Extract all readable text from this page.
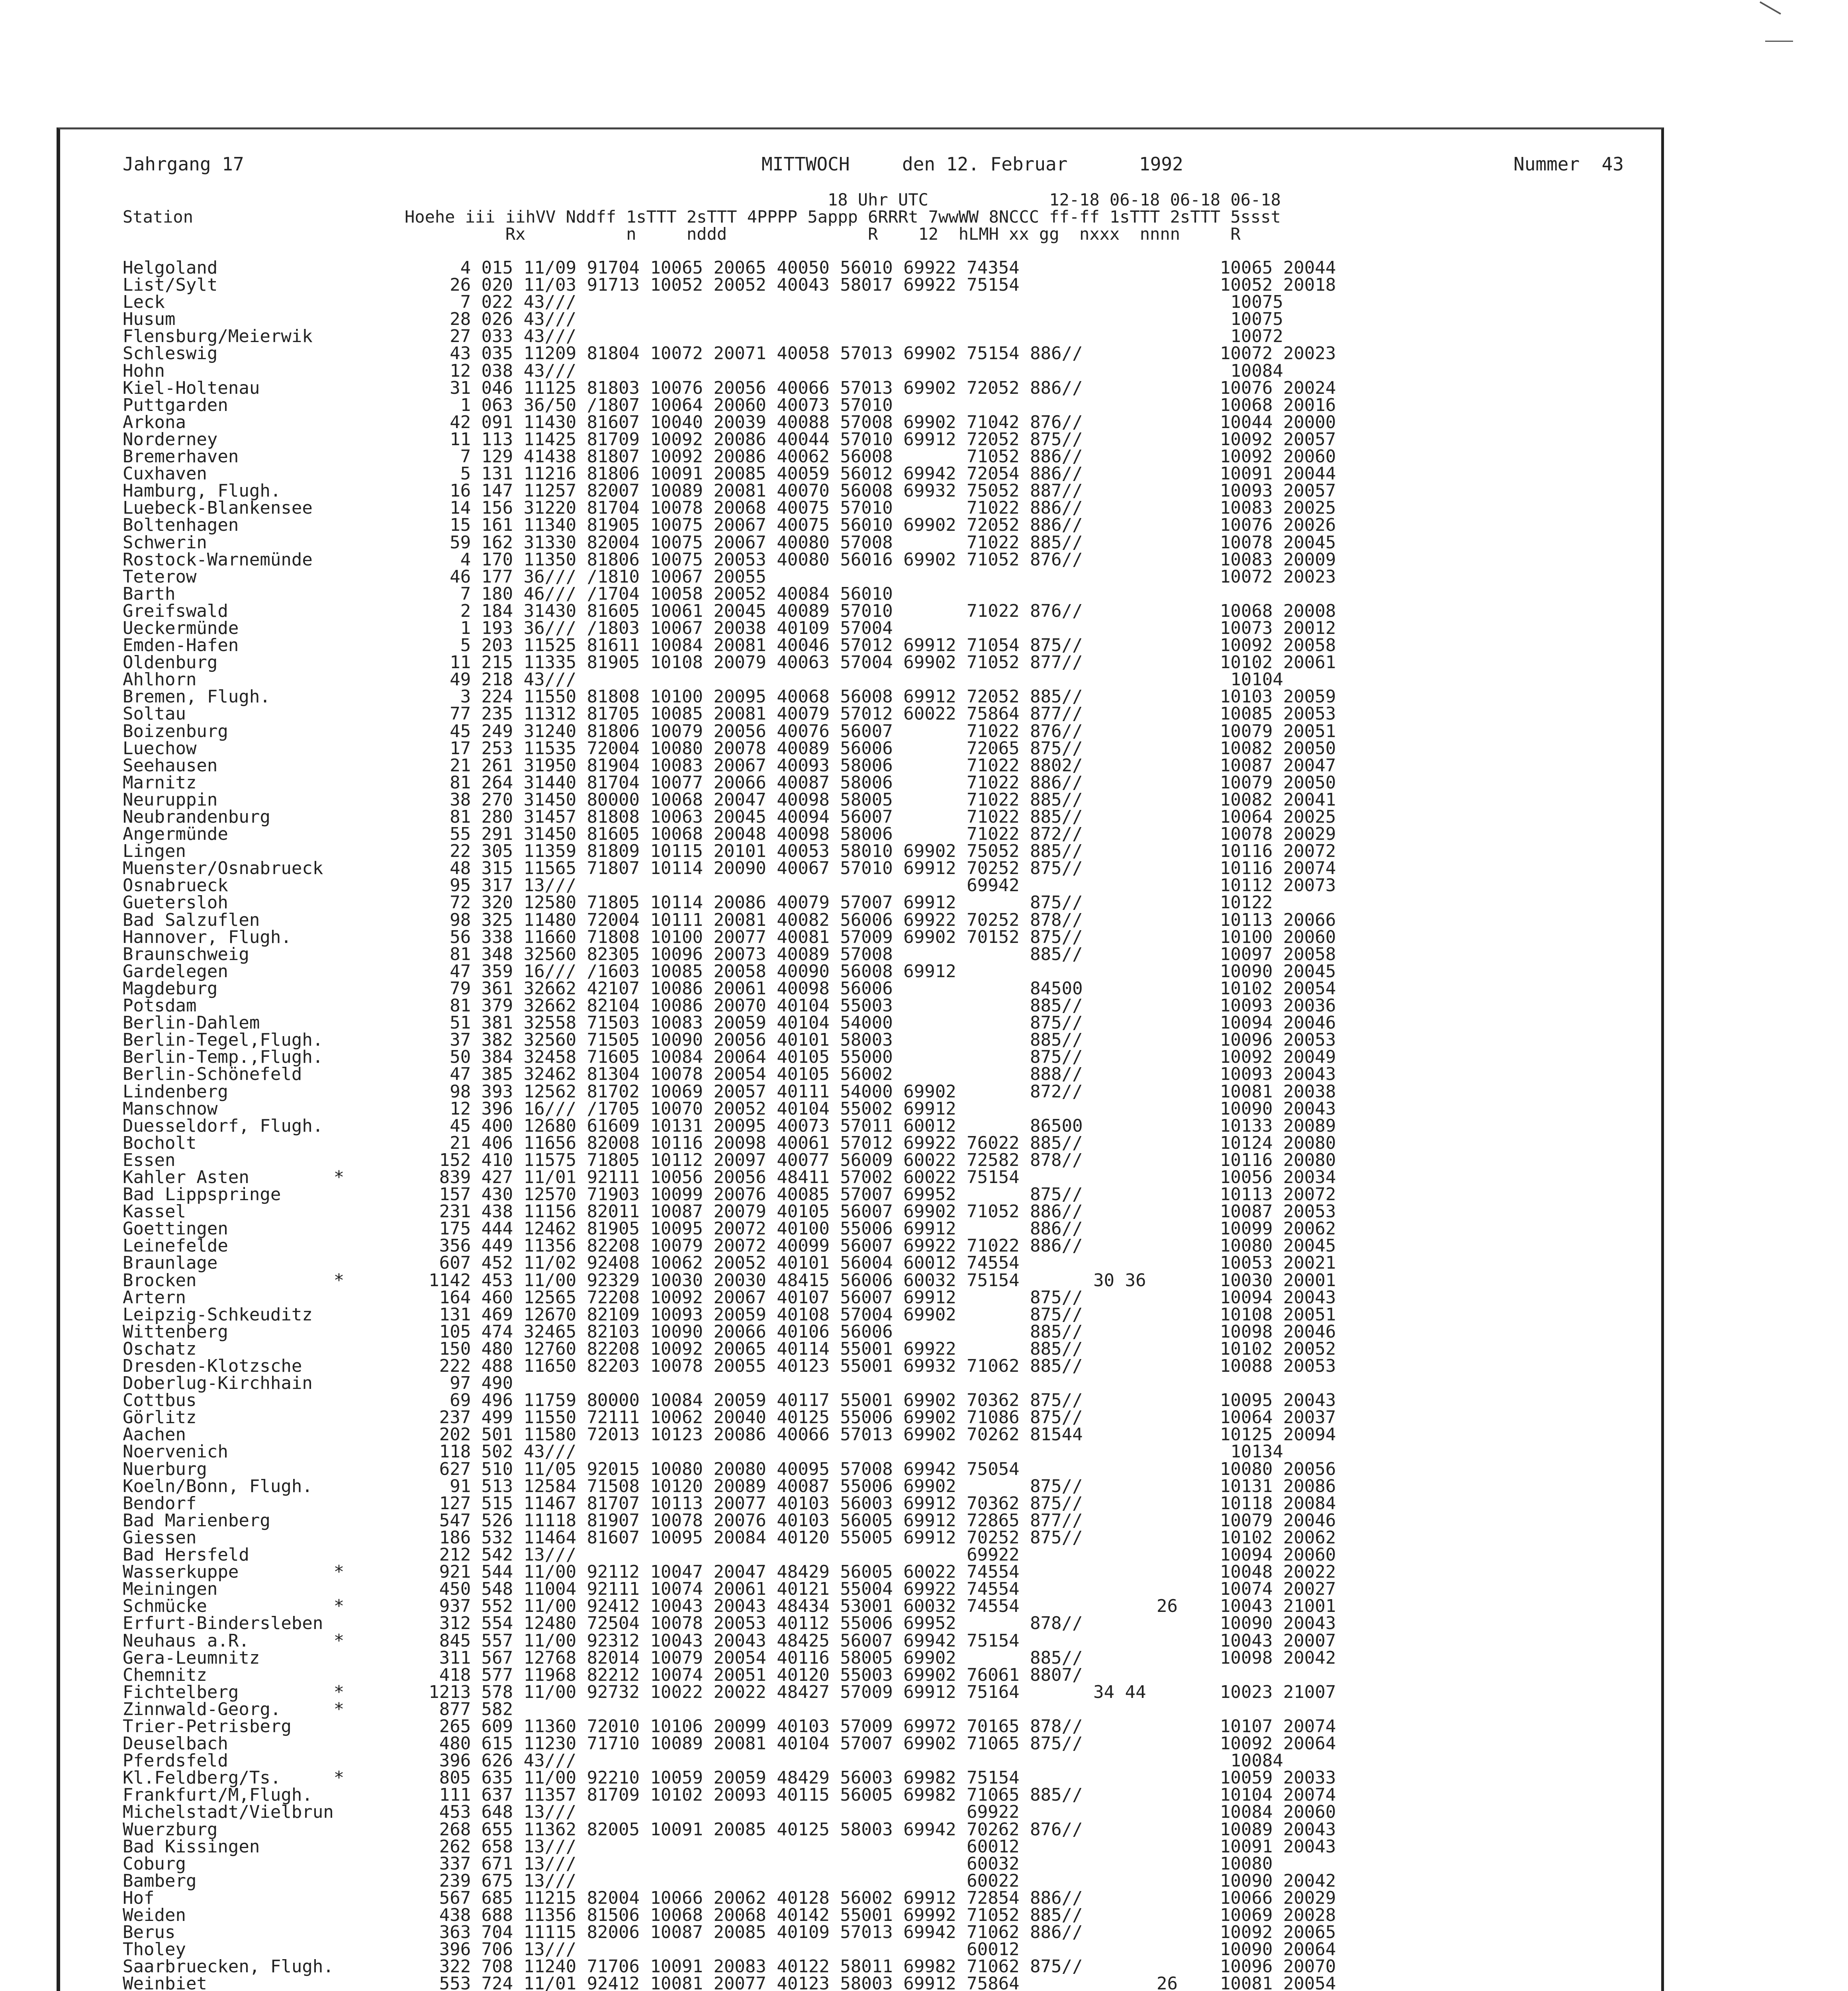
Jahrgang 17	MITTWOCH	den 12. Februar	1992	Nummer  43
18 Uhr UTC            12-18 06-18 06-18 06-18
Station                     Hoehe iii iihVV Nddff 1sTTT 2sTTT 4PPPP 5appp 6RRRt 7wwWW 8NCCC ff-ff 1sTTT 2sTTT 5ssst
Rx          n     nddd              R    12  hLMH xx gg  nxxx  nnnn     R
Helgoland                       4 015 11/09 91704 10065 20065 40050 56010 69922 74354                   10065 20044
List/Sylt                      26 020 11/03 91713 10052 20052 40043 58017 69922 75154                   10052 20018
Leck                            7 022 43///                                                              10075
Husum                          28 026 43///                                                              10075
Flensburg/Meierwik             27 033 43///                                                              10072
Schleswig                      43 035 11209 81804 10072 20071 40058 57013 69902 75154 886//             10072 20023
Hohn                           12 038 43///                                                              10084
Kiel-Holtenau                  31 046 11125 81803 10076 20056 40066 57013 69902 72052 886//             10076 20024
Puttgarden                      1 063 36/50 /1807 10064 20060 40073 57010                               10068 20016
Arkona                         42 091 11430 81607 10040 20039 40088 57008 69902 71042 876//             10044 20000
Norderney                      11 113 11425 81709 10092 20086 40044 57010 69912 72052 875//             10092 20057
Bremerhaven                     7 129 41438 81807 10092 20086 40062 56008       71052 886//             10092 20060
Cuxhaven                        5 131 11216 81806 10091 20085 40059 56012 69942 72054 886//             10091 20044
Hamburg, Flugh.                16 147 11257 82007 10089 20081 40070 56008 69932 75052 887//             10093 20057
Luebeck-Blankensee             14 156 31220 81704 10078 20068 40075 57010       71022 886//             10083 20025
Boltenhagen                    15 161 11340 81905 10075 20067 40075 56010 69902 72052 886//             10076 20026
Schwerin                       59 162 31330 82004 10075 20067 40080 57008       71022 885//             10078 20045
Rostock-Warnemünde              4 170 11350 81806 10075 20053 40080 56016 69902 71052 876//             10083 20009
Teterow                        46 177 36/// /1810 10067 20055                                           10072 20023
Barth                           7 180 46/// /1704 10058 20052 40084 56010
Greifswald                      2 184 31430 81605 10061 20045 40089 57010       71022 876//             10068 20008
Ueckermünde                     1 193 36/// /1803 10067 20038 40109 57004                               10073 20012
Emden-Hafen                     5 203 11525 81611 10084 20081 40046 57012 69912 71054 875//             10092 20058
Oldenburg                      11 215 11335 81905 10108 20079 40063 57004 69902 71052 877//             10102 20061
Ahlhorn                        49 218 43///                                                              10104
Bremen, Flugh.                  3 224 11550 81808 10100 20095 40068 56008 69912 72052 885//             10103 20059
Soltau                         77 235 11312 81705 10085 20081 40079 57012 60022 75864 877//             10085 20053
Boizenburg                     45 249 31240 81806 10079 20056 40076 56007       71022 876//             10079 20051
Luechow                        17 253 11535 72004 10080 20078 40089 56006       72065 875//             10082 20050
Seehausen                      21 261 31950 81904 10083 20067 40093 58006       71022 8802/             10087 20047
Marnitz                        81 264 31440 81704 10077 20066 40087 58006       71022 886//             10079 20050
Neuruppin                      38 270 31450 80000 10068 20047 40098 58005       71022 885//             10082 20041
Neubrandenburg                 81 280 31457 81808 10063 20045 40094 56007       71022 885//             10064 20025
Angermünde                     55 291 31450 81605 10068 20048 40098 58006       71022 872//             10078 20029
Lingen                         22 305 11359 81809 10115 20101 40053 58010 69902 75052 885//             10116 20072
Muenster/Osnabrueck            48 315 11565 71807 10114 20090 40067 57010 69912 70252 875//             10116 20074
Osnabrueck                     95 317 13///                                     69942                   10112 20073
Guetersloh                     72 320 12580 71805 10114 20086 40079 57007 69912       875//             10122
Bad Salzuflen                  98 325 11480 72004 10111 20081 40082 56006 69922 70252 878//             10113 20066
Hannover, Flugh.               56 338 11660 71808 10100 20077 40081 57009 69902 70152 875//             10100 20060
Braunschweig                   81 348 32560 82305 10096 20073 40089 57008             885//             10097 20058
Gardelegen                     47 359 16/// /1603 10085 20058 40090 56008 69912                         10090 20045
Magdeburg                      79 361 32662 42107 10086 20061 40098 56006             84500             10102 20054
Potsdam                        81 379 32662 82104 10086 20070 40104 55003             885//             10093 20036
Berlin-Dahlem                  51 381 32558 71503 10083 20059 40104 54000             875//             10094 20046
Berlin-Tegel,Flugh.            37 382 32560 71505 10090 20056 40101 58003             885//             10096 20053
Berlin-Temp.,Flugh.            50 384 32458 71605 10084 20064 40105 55000             875//             10092 20049
Berlin-Schönefeld              47 385 32462 81304 10078 20054 40105 56002             888//             10093 20043
Lindenberg                     98 393 12562 81702 10069 20057 40111 54000 69902       872//             10081 20038
Manschnow                      12 396 16/// /1705 10070 20052 40104 55002 69912                         10090 20043
Duesseldorf, Flugh.            45 400 12680 61609 10131 20095 40073 57011 60012       86500             10133 20089
Bocholt                        21 406 11656 82008 10116 20098 40061 57012 69922 76022 885//             10124 20080
Essen                         152 410 11575 71805 10112 20097 40077 56009 60022 72582 878//             10116 20080
Kahler Asten        *         839 427 11/01 92111 10056 20056 48411 57002 60022 75154                   10056 20034
Bad Lippspringe               157 430 12570 71903 10099 20076 40085 57007 69952       875//             10113 20072
Kassel                        231 438 11156 82011 10087 20079 40105 56007 69902 71052 886//             10087 20053
Goettingen                    175 444 12462 81905 10095 20072 40100 55006 69912       886//             10099 20062
Leinefelde                    356 449 11356 82208 10079 20072 40099 56007 69922 71022 886//             10080 20045
Braunlage                     607 452 11/02 92408 10062 20052 40101 56004 60012 74554                   10053 20021
Brocken             *        1142 453 11/00 92329 10030 20030 48415 56006 60032 75154       30 36       10030 20001
Artern                        164 460 12565 72208 10092 20067 40107 56007 69912       875//             10094 20043
Leipzig-Schkeuditz            131 469 12670 82109 10093 20059 40108 57004 69902       875//             10108 20051
Wittenberg                    105 474 32465 82103 10090 20066 40106 56006             885//             10098 20046
Oschatz                       150 480 12760 82208 10092 20065 40114 55001 69922       885//             10102 20052
Dresden-Klotzsche             222 488 11650 82203 10078 20055 40123 55001 69932 71062 885//             10088 20053
Doberlug-Kirchhain             97 490
Cottbus                        69 496 11759 80000 10084 20059 40117 55001 69902 70362 875//             10095 20043
Görlitz                       237 499 11550 72111 10062 20040 40125 55006 69902 71086 875//             10064 20037
Aachen                        202 501 11580 72013 10123 20086 40066 57013 69902 70262 81544             10125 20094
Noervenich                    118 502 43///                                                              10134
Nuerburg                      627 510 11/05 92015 10080 20080 40095 57008 69942 75054                   10080 20056
Koeln/Bonn, Flugh.             91 513 12584 71508 10120 20089 40087 55006 69902       875//             10131 20086
Bendorf                       127 515 11467 81707 10113 20077 40103 56003 69912 70362 875//             10118 20084
Bad Marienberg                547 526 11118 81907 10078 20076 40103 56005 69912 72865 877//             10079 20046
Giessen                       186 532 11464 81607 10095 20084 40120 55005 69912 70252 875//             10102 20062
Bad Hersfeld                  212 542 13///                                     69922                   10094 20060
Wasserkuppe         *         921 544 11/00 92112 10047 20047 48429 56005 60022 74554                   10048 20022
Meiningen                     450 548 11004 92111 10074 20061 40121 55004 69922 74554                   10074 20027
Schmücke            *         937 552 11/00 92412 10043 20043 48434 53001 60032 74554             26    10043 21001
Erfurt-Bindersleben           312 554 12480 72504 10078 20053 40112 55006 69952       878//             10090 20043
Neuhaus a.R.        *         845 557 11/00 92312 10043 20043 48425 56007 69942 75154                   10043 20007
Gera-Leumnitz                 311 567 12768 82014 10079 20054 40116 58005 69902       885//             10098 20042
Chemnitz                      418 577 11968 82212 10074 20051 40120 55003 69902 76061 8807/
Fichtelberg         *        1213 578 11/00 92732 10022 20022 48427 57009 69912 75164       34 44       10023 21007
Zinnwald-Georg.     *         877 582
Trier-Petrisberg              265 609 11360 72010 10106 20099 40103 57009 69972 70165 878//             10107 20074
Deuselbach                    480 615 11230 71710 10089 20081 40104 57007 69902 71065 875//             10092 20064
Pferdsfeld                    396 626 43///                                                              10084
Kl.Feldberg/Ts.     *         805 635 11/00 92210 10059 20059 48429 56003 69982 75154                   10059 20033
Frankfurt/M,Flugh.            111 637 11357 81709 10102 20093 40115 56005 69982 71065 885//             10104 20074
Michelstadt/Vielbrun          453 648 13///                                     69922                   10084 20060
Wuerzburg                     268 655 11362 82005 10091 20085 40125 58003 69942 70262 876//             10089 20043
Bad Kissingen                 262 658 13///                                     60012                   10091 20043
Coburg                        337 671 13///                                     60032                   10080
Bamberg                       239 675 13///                                     60022                   10090 20042
Hof                           567 685 11215 82004 10066 20062 40128 56002 69912 72854 886//             10066 20029
Weiden                        438 688 11356 81506 10068 20068 40142 55001 69992 71052 885//             10069 20028
Berus                         363 704 11115 82006 10087 20085 40109 57013 69942 71062 886//             10092 20065
Tholey                        396 706 13///                                     60012                   10090 20064
Saarbruecken, Flugh.          322 708 11240 71706 10091 20083 40122 58011 69982 71062 875//             10096 20070
Weinbiet                      553 724 11/01 92412 10081 20077 40123 58003 69912 75864             26    10081 20054
